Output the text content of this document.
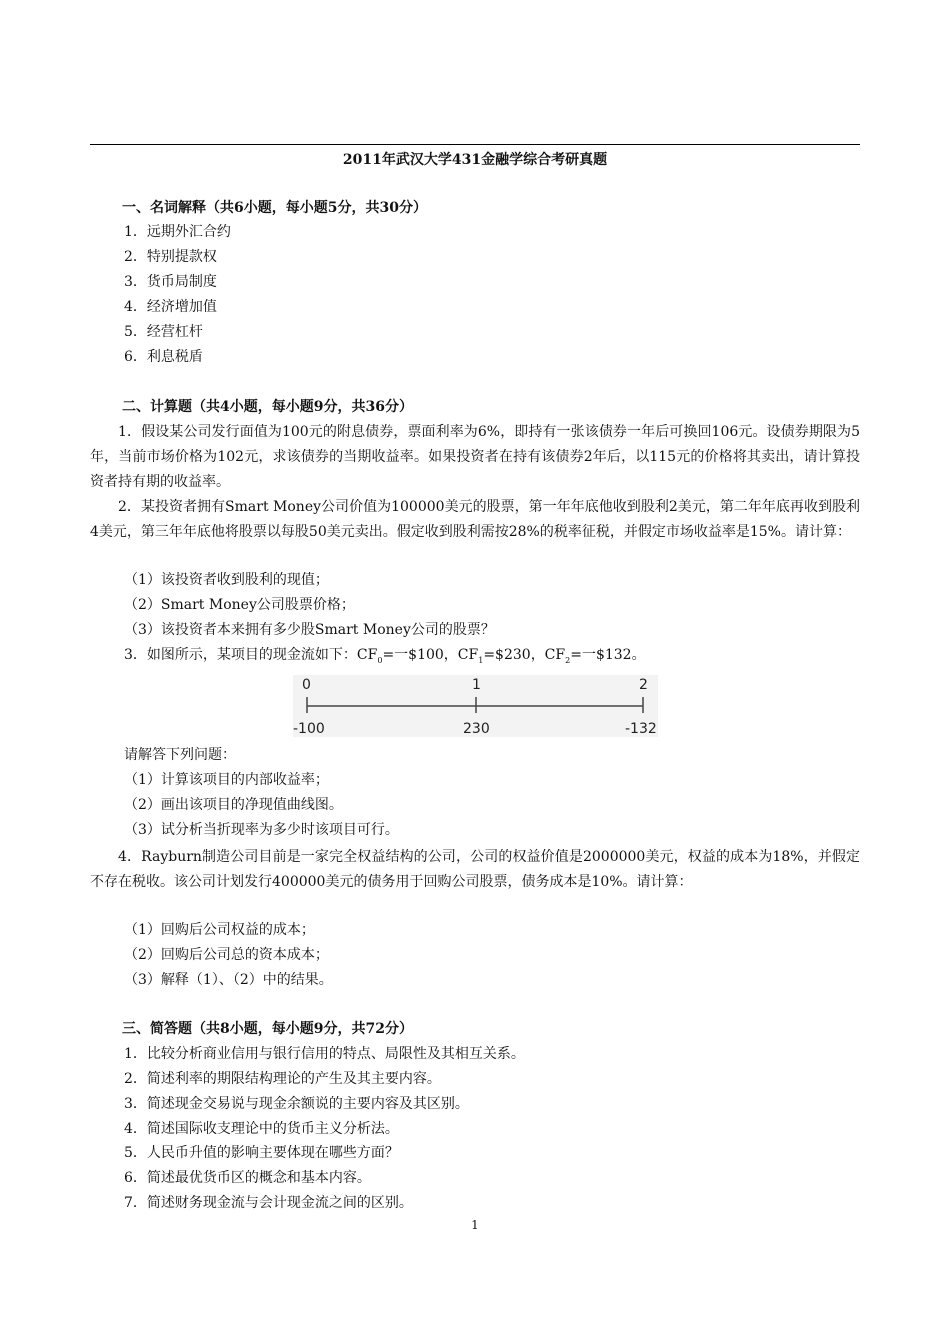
2011年武汉大学431金融学综合考研真题
一、名词解释（共6小题，每小题5分，共30分）
1．远期外汇合约
2．特别提款权
3．货币局制度
4．经济增加值
5．经营杠杆
6．利息税盾
二、计算题（共4小题，每小题9分，共36分）
1．假设某公司发行面值为100元的附息债券，票面利率为6%，即持有一张该债券一年后可换回106元。设债券期限为5年，当前市场价格为102元，求该债券的当期收益率。如果投资者在持有该债券2年后，以115元的价格将其卖出，请计算投资者持有期的收益率。
2．某投资者拥有Smart Money公司价值为100000美元的股票，第一年年底他收到股利2美元，第二年年底再收到股利4美元，第三年年底他将股票以每股50美元卖出。假定收到股利需按28%的税率征税，并假定市场收益率是15%。请计算：
（1）该投资者收到股利的现值；
（2）Smart Money公司股票价格；
（3）该投资者本来拥有多少股Smart Money公司的股票？
3．如图所示，某项目的现金流如下：$CF_0=$一$100，$CF_1=\$230$，$CF_2=$一$132。
0	1	2
-100	230	-132
请解答下列问题：
（1）计算该项目的内部收益率；
（2）画出该项目的净现值曲线图。
（3）试分析当折现率为多少时该项目可行。
4．Rayburn制造公司目前是一家完全权益结构的公司，公司的权益价值是2000000美元，权益的成本为18%，并假定不存在税收。该公司计划发行400000美元的债务用于回购公司股票，债务成本是10%。请计算：
（1）回购后公司权益的成本；
（2）回购后公司总的资本成本；
（3）解释（1）、（2）中的结果。
三、简答题（共8小题，每小题9分，共72分）
1．比较分析商业信用与银行信用的特点、局限性及其相互关系。
2．简述利率的期限结构理论的产生及其主要内容。
3．简述现金交易说与现金余额说的主要内容及其区别。
4．简述国际收支理论中的货币主义分析法。
5．人民币升值的影响主要体现在哪些方面？
6．简述最优货币区的概念和基本内容。
7．简述财务现金流与会计现金流之间的区别。
1
